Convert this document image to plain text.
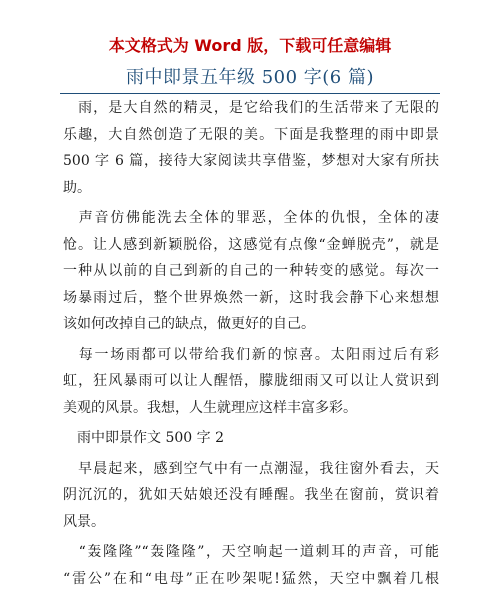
本文格式为 Word 版，下载可任意编辑
雨中即景五年级 500 字(6 篇)
　雨，是大自然的精灵，是它给我们的生活带来了无限的
乐趣，大自然创造了无限的美。下面是我整理的雨中即景
500 字 6 篇，接待大家阅读共享借鉴，梦想对大家有所扶
助。
　声音仿佛能洗去全体的罪恶，全体的仇恨，全体的凄
怆。让人感到新颖脱俗，这感觉有点像“金蝉脱壳”，就是
一种从以前的自己到新的自己的一种转变的感觉。每次一
场暴雨过后，整个世界焕然一新，这时我会静下心来想想
该如何改掉自己的缺点，做更好的自己。
　每一场雨都可以带给我们新的惊喜。太阳雨过后有彩
虹，狂风暴雨可以让人醒悟，朦胧细雨又可以让人赏识到
美观的风景。我想，人生就理应这样丰富多彩。
　雨中即景作文 500 字 2
　早晨起来，感到空气中有一点潮湿，我往窗外看去，天
阴沉沉的，犹如天姑娘还没有睡醒。我坐在窗前，赏识着
风景。
　“轰隆隆”“轰隆隆”，天空响起一道刺耳的声音，可能
“雷公”在和“电母”正在吵架呢!猛然，天空中飘着几根
